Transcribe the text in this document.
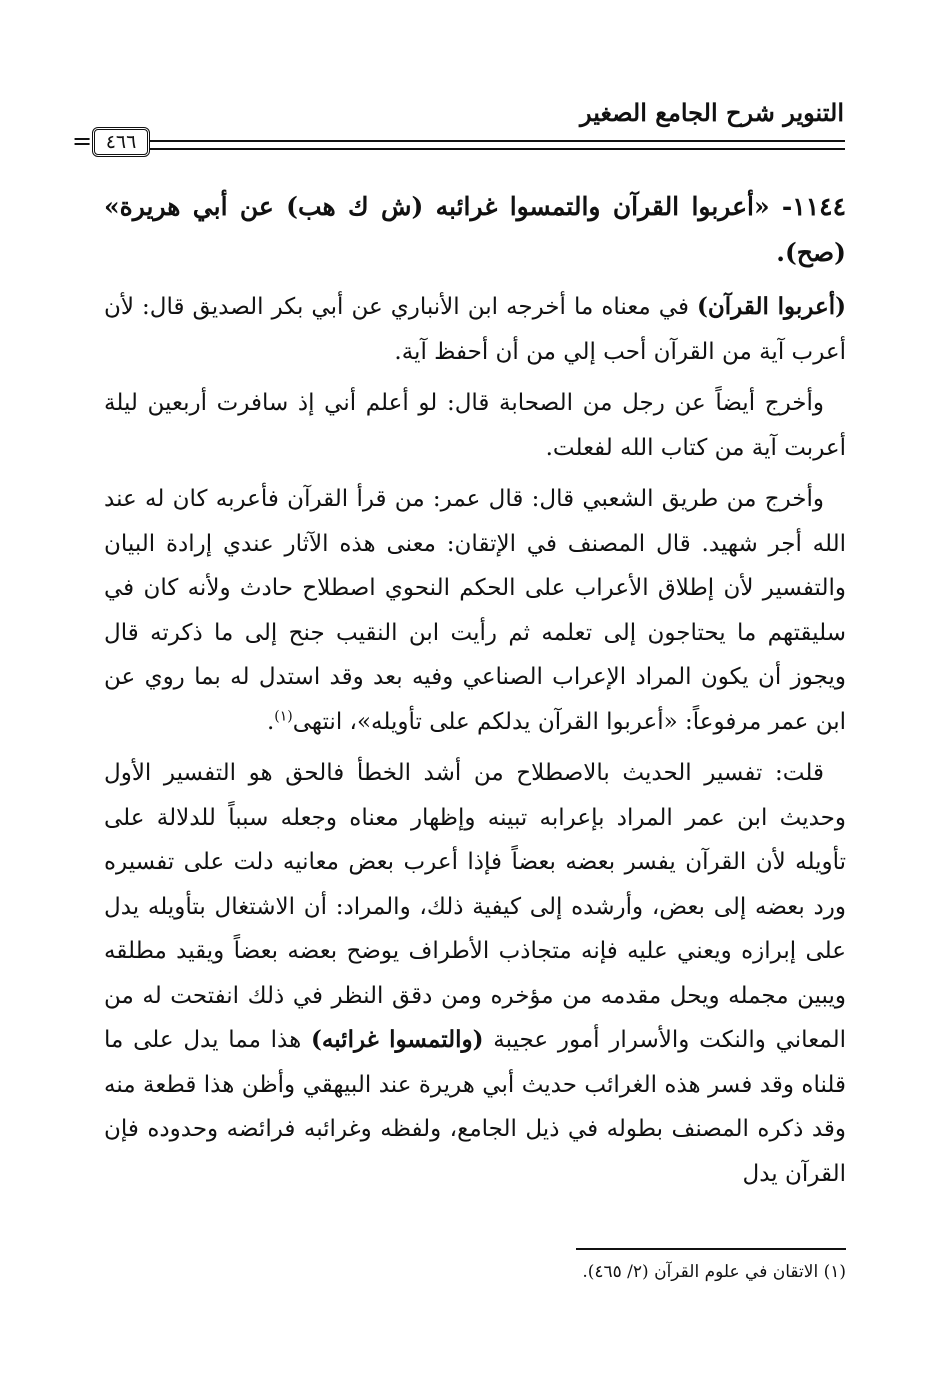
التنوير شرح الجامع الصغير
٤٦٦
=

١١٤٤- «أعربوا القرآن والتمسوا غرائبه (ش ك هب) عن أبي هريرة» (صح).

(أعربوا القرآن) في معناه ما أخرجه ابن الأنباري عن أبي بكر الصديق قال: لأن أعرب آية من القرآن أحب إلي من أن أحفظ آية.

وأخرج أيضاً عن رجل من الصحابة قال: لو أعلم أني إذ سافرت أربعين ليلة أعربت آية من كتاب الله لفعلت.

وأخرج من طريق الشعبي قال: قال عمر: من قرأ القرآن فأعربه كان له عند الله أجر شهيد. قال المصنف في الإتقان: معنى هذه الآثار عندي إرادة البيان والتفسير لأن إطلاق الأعراب على الحكم النحوي اصطلاح حادث ولأنه كان في سليقتهم ما يحتاجون إلى تعلمه ثم رأيت ابن النقيب جنح إلى ما ذكرته قال ويجوز أن يكون المراد الإعراب الصناعي وفيه بعد وقد استدل له بما روي عن ابن عمر مرفوعاً: «أعربوا القرآن يدلكم على تأويله»، انتهى$^{(١)}$.

قلت: تفسير الحديث بالاصطلاح من أشد الخطأ فالحق هو التفسير الأول وحديث ابن عمر المراد بإعرابه تبينه وإظهار معناه وجعله سبباً للدلالة على تأويله لأن القرآن يفسر بعضه بعضاً فإذا أعرب بعض معانيه دلت على تفسيره ورد بعضه إلى بعض، وأرشده إلى كيفية ذلك، والمراد: أن الاشتغال بتأويله يدل على إبرازه ويعني عليه فإنه متجاذب الأطراف يوضح بعضه بعضاً ويقيد مطلقه ويبين مجمله ويحل مقدمه من مؤخره ومن دقق النظر في ذلك انفتحت له من المعاني والنكت والأسرار أمور عجيبة (والتمسوا غرائبه) هذا مما يدل على ما قلناه وقد فسر هذه الغرائب حديث أبي هريرة عند البيهقي وأظن هذا قطعة منه وقد ذكره المصنف بطوله في ذيل الجامع، ولفظه وغرائبه فرائضه وحدوده فإن القرآن يدل

(١) الاتقان في علوم القرآن (٢/ ٤٦٥).
